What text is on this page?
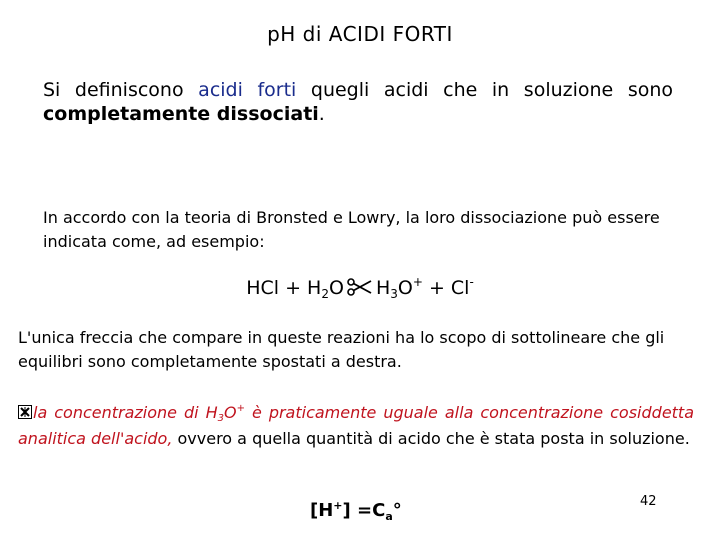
pH di ACIDI FORTI
Si definiscono acidi forti quegli acidi che in soluzione sono completamente dissociati.
In accordo con la teoria di Bronsted e Lowry, la loro dissociazione può essere indicata come, ad esempio:
HCl + $H_2O$ $H_3O^+ + Cl^-$
L'unica freccia che compare in queste reazioni ha lo scopo di sottolineare che gli equilibri sono completamente spostati a destra.
la concentrazione di $H_3O^+$ è praticamente uguale alla concentrazione cosiddetta analitica dell'acido, ovvero a quella quantità di acido che è stata posta in soluzione.
$[H^+] =C_a^\circ$	42
